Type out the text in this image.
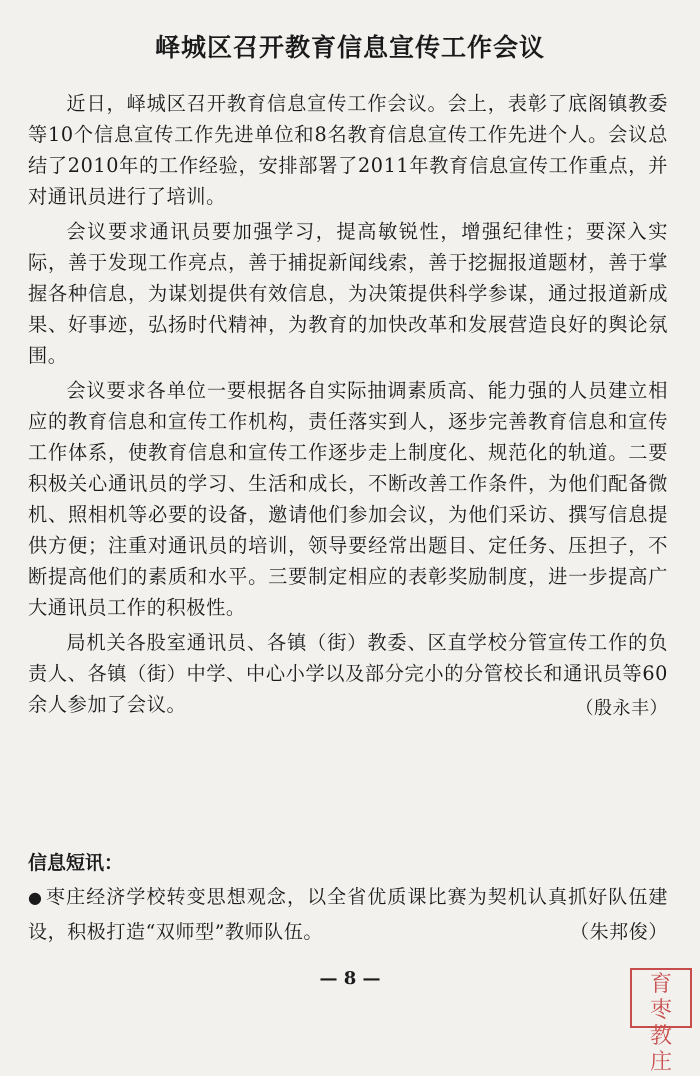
峄城区召开教育信息宣传工作会议

近日，峄城区召开教育信息宣传工作会议。会上，表彰了底阁镇教委等10个信息宣传工作先进单位和8名教育信息宣传工作先进个人。会议总结了2010年的工作经验，安排部署了2011年教育信息宣传工作重点，并对通讯员进行了培训。

会议要求通讯员要加强学习，提高敏锐性，增强纪律性；要深入实际，善于发现工作亮点，善于捕捉新闻线索，善于挖掘报道题材，善于掌握各种信息，为谋划提供有效信息，为决策提供科学参谋，通过报道新成果、好事迹，弘扬时代精神，为教育的加快改革和发展营造良好的舆论氛围。

会议要求各单位一要根据各自实际抽调素质高、能力强的人员建立相应的教育信息和宣传工作机构，责任落实到人，逐步完善教育信息和宣传工作体系，使教育信息和宣传工作逐步走上制度化、规范化的轨道。二要积极关心通讯员的学习、生活和成长，不断改善工作条件，为他们配备微机、照相机等必要的设备，邀请他们参加会议，为他们采访、撰写信息提供方便；注重对通讯员的培训，领导要经常出题目、定任务、压担子，不断提高他们的素质和水平。三要制定相应的表彰奖励制度，进一步提高广大通讯员工作的积极性。

局机关各股室通讯员、各镇（街）教委、区直学校分管宣传工作的负责人、各镇（街）中学、中心小学以及部分完小的分管校长和通讯员等60余人参加了会议。	（殷永丰）
信息短讯：
● 枣庄经济学校转变思想观念，以全省优质课比赛为契机认真抓好队伍建设，积极打造“双师型”教师队伍。	（朱邦俊）
— 8 —	育
枣
教
庄
